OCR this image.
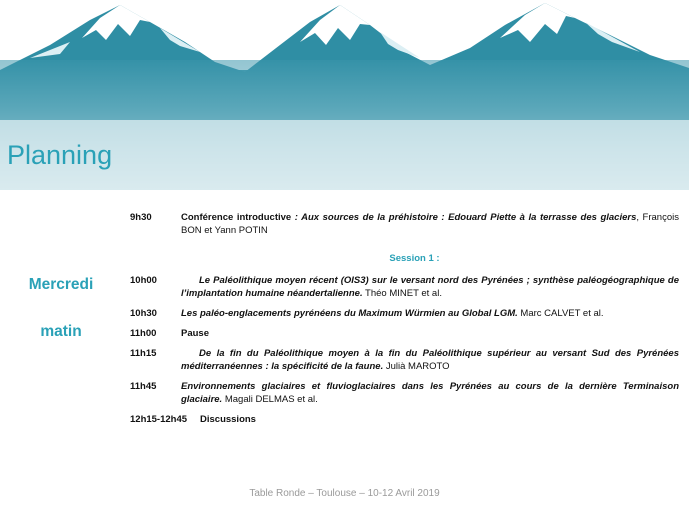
Planning
Mercredi
matin
9h30	Conférence introductive : Aux sources de la préhistoire : Edouard Piette à la terrasse des glaciers, François BON et Yann POTIN
Session 1 :
10h00	Le Paléolithique moyen récent (OIS3) sur le versant nord des Pyrénées ; synthèse paléogéographique de l’implantation humaine néandertalienne. Théo MINET et al.
10h30	Les paléo-englacements pyrénéens du Maximum Würmien au Global LGM. Marc CALVET et al.
11h00	Pause
11h15	De la fin du Paléolithique moyen à la fin du Paléolithique supérieur au versant Sud des Pyrénées méditerranéennes : la spécificité de la faune. Julià MAROTO
11h45	Environnements glaciaires et fluvioglaciaires dans les Pyrénées au cours de la dernière Terminaison glaciaire. Magali DELMAS et al.
12h15-12h45	Discussions
Table Ronde – Toulouse – 10-12 Avril 2019
